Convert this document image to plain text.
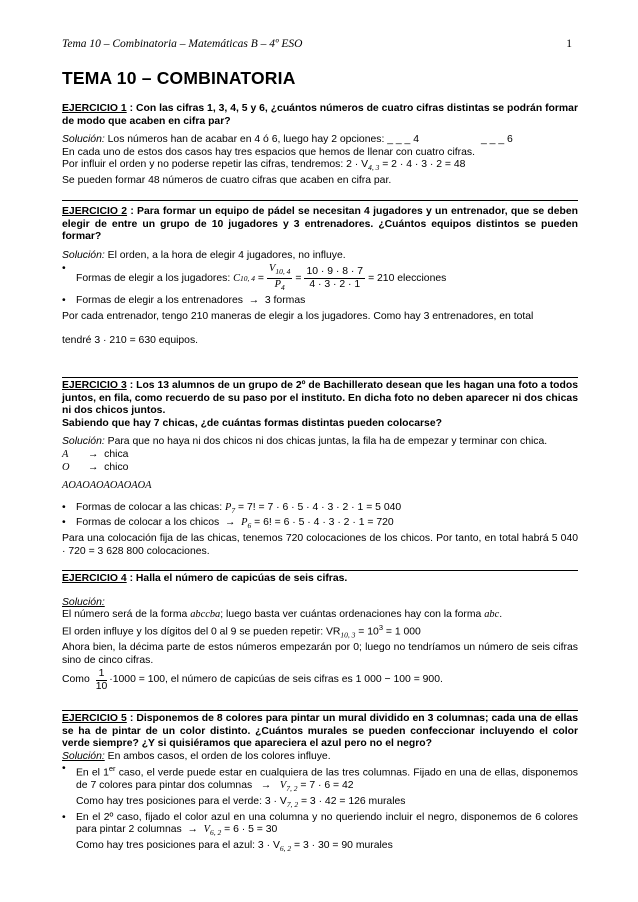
Tema 10 – Combinatoria – Matemáticas B – 4º ESO	1
TEMA 10 – COMBINATORIA
EJERCICIO 1 : Con las cifras 1, 3, 4, 5 y 6, ¿cuántos números de cuatro cifras distintas se podrán formar de modo que acaben en cifra par?
Solución: Los números han de acabar en 4 ó 6, luego hay 2 opciones: _ _ _ 4	_ _ _ 6
En cada uno de estos dos casos hay tres espacios que hemos de llenar con cuatro cifras.
Por influir el orden y no poderse repetir las cifras, tendremos: $2 \cdot V_{4, 3} = 2 \cdot 4 \cdot 3 \cdot 2 = 48$
Se pueden formar 48 números de cuatro cifras que acaben en cifra par.
EJERCICIO 2 : Para formar un equipo de pádel se necesitan 4 jugadores y un entrenador, que se deben elegir de entre un grupo de 10 jugadores y 3 entrenadores. ¿Cuántos equipos distintos se pueden formar?
Solución: El orden, a la hora de elegir 4 jugadores, no influye.
•
Formas de elegir a los jugadores:
C 10, $4 = \frac{V_{10, 4}}{P_4} = \frac{10 \cdot 9 \cdot 8 \cdot 7}{4 \cdot 3 \cdot 2 \cdot 1} = 210$ elecciones
• Formas de elegir a los entrenadores → 3 formas
Por cada entrenador, tengo 210 maneras de elegir a los jugadores. Como hay 3 entrenadores, en total
tendré 3 · 210 = 630 equipos.
EJERCICIO 3 : Los 13 alumnos de un grupo de 2º de Bachillerato desean que les hagan una foto a todos juntos, en fila, como recuerdo de su paso por el instituto. En dicha foto no deben aparecer ni dos chicas ni dos chicos juntos.
Sabiendo que hay 7 chicas, ¿de cuántas formas distintas pueden colocarse?
Solución: Para que no haya ni dos chicos ni dos chicas juntas, la fila ha de empezar y terminar con chica.
A → chica
O → chico
AOAOAOAOAOAOA
• Formas de colocar a las chicas: $P_7 = 7$! = 7 · 6 · 5 · 4 · 3 · 2 · 1 = 5 040
• Formas de colocar a los $chicos \to P_6 = 6$! = 6 · 5 · 4 · 3 · 2 · 1 = 720
Para una colocación fija de las chicas, tenemos 720 colocaciones de los chicos. Por tanto, en total habrá 5 040 · 720 = 3 628 800 colocaciones.
EJERCICIO 4 : Halla el número de capicúas de seis cifras.
Solución:
El número será de la forma abccba; luego basta ver cuántas ordenaciones hay con la forma abc.
El orden influye y los dígitos del 0 al 9 se pueden repetir: $VR_{10, 3} = 10^3 = 1$ 000
Ahora bien, la décima parte de estos números empezarán por 0; luego no tendríamos un número de seis cifras sino de cinco cifras.
Como $\frac{1}{10} \cdot 1000 = 100$, el número de capicúas de seis cifras es 1 000 − 100 = 900.
EJERCICIO 5 : Disponemos de 8 colores para pintar un mural dividido en 3 columnas; cada una de ellas se ha de pintar de un color distinto. ¿Cuántos murales se pueden confeccionar incluyendo el color verde siempre? ¿Y si quisiéramos que apareciera el azul pero no el negro?
Solución: En ambos casos, el orden de los colores influye.
• En el 1er caso, el verde puede estar en cualquiera de las tres columnas. Fijado en una de ellas, disponemos de 7 colores para pintar dos columnas → $V_{7, 2} = 7 \cdot 6 = 42$
Como hay tres posiciones para el verde: $3 \cdot V_{7, 2} = 3 \cdot 42 = 126$ murales
• En el 2º caso, fijado el color azul en una columna y no queriendo incluir el negro, disponemos de 6 colores para pintar 2 columnas → $V_{6, 2} = 6 \cdot 5 = 30$
Como hay tres posiciones para el azul: $3 \cdot V_{6, 2} = 3 \cdot 30 = 90$ murales
